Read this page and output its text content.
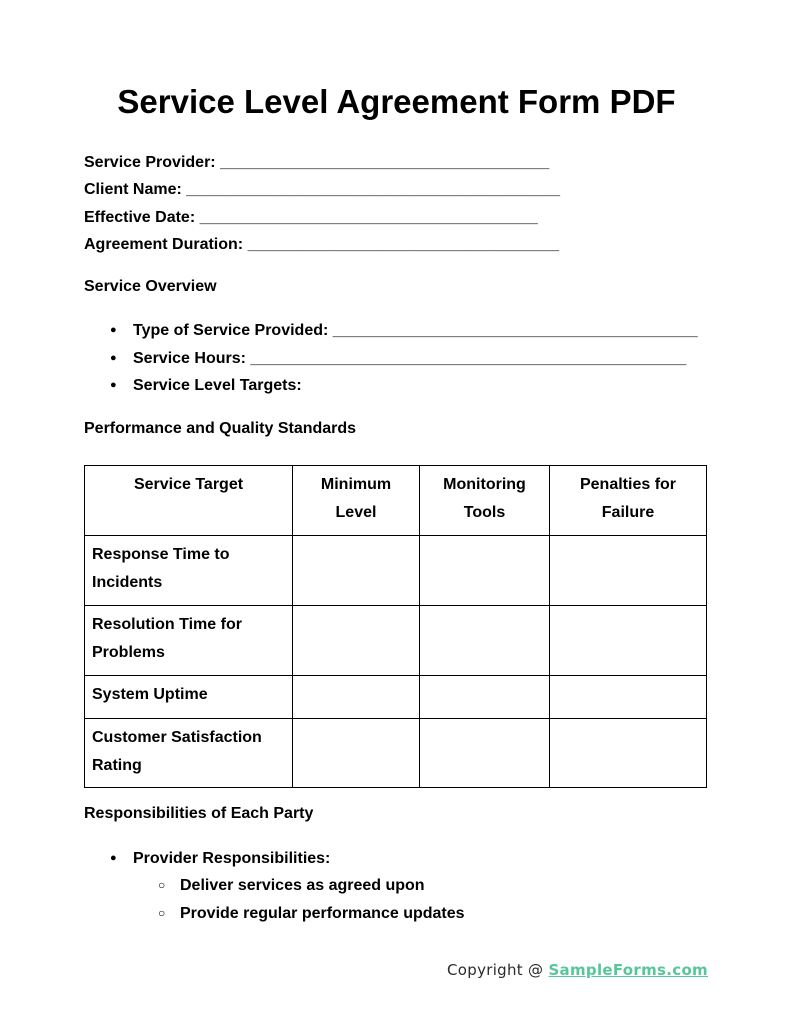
Service Level Agreement Form PDF

Service Provider: _____________________________________

Client Name: __________________________________________

Effective Date: ______________________________________

Agreement Duration: ___________________________________

Service Overview
● Type of Service Provided: _________________________________________
● Service Hours: _________________________________________________
● Service Level Targets:
Performance and Quality Standards
Service Target	Minimum Level	Monitoring Tools	Penalties for Failure
Response Time to Incidents			
Resolution Time for Problems			
System Uptime			
Customer Satisfaction Rating			
Responsibilities of Each Party
● Provider Responsibilities:
○ Deliver services as agreed upon
○ Provide regular performance updates
Copyright @ SampleForms.com
